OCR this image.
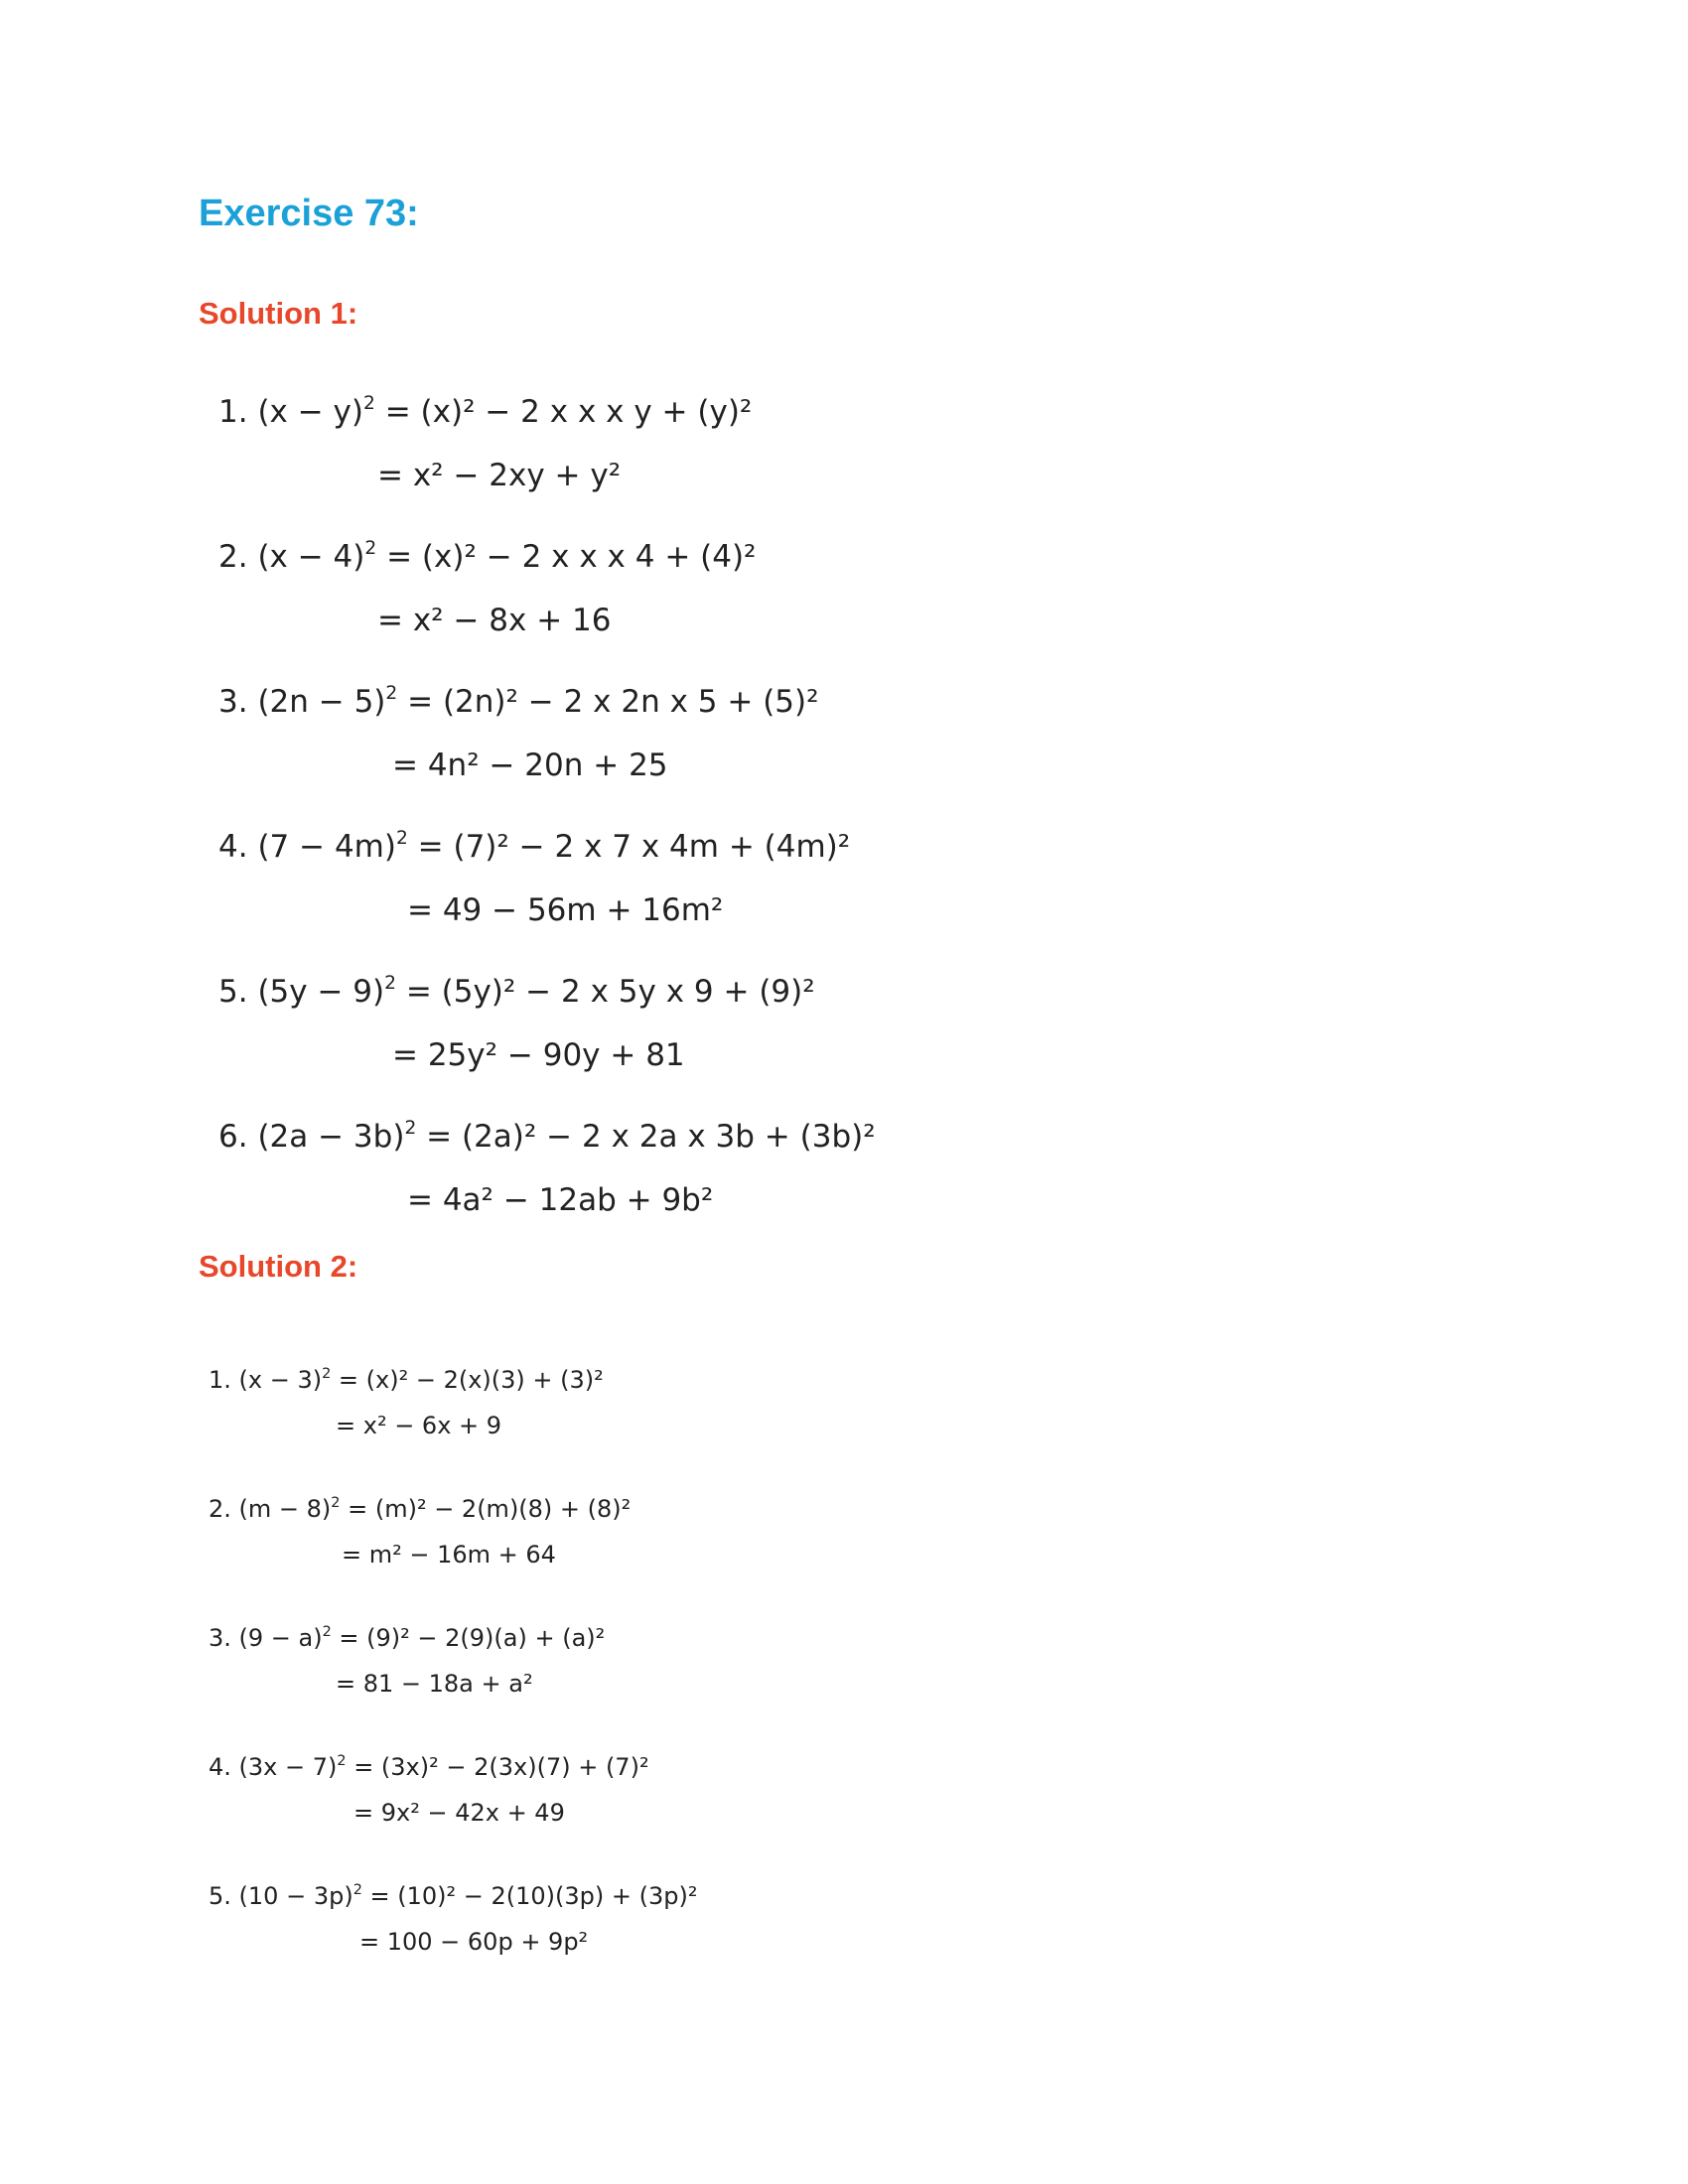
Exercise 73:
Solution 1:
1. $(x - y)^2 = (x)^2 - 2$ x x x y + (y)²
= x² − 2xy + y²
2. $(x - 4)^2 = (x)^2 - 2$ x x x 4 + (4)²
= x² − 8x + 16
3. $(2n - 5)^2 = (2n)^2 - 2$ x 2n x 5 + (5)²
= 4n² − 20n + 25
4. $(7 - 4m)^2 = (7)^2 - 2$ x 7 x 4m + (4m)²
= 49 − 56m + 16m²
5. $(5y - 9)^2 = (5y)^2 - 2$ x 5y x 9 + (9)²
= 25y² − 90y + 81
6. $(2a - 3b)^2 = (2a)^2 - 2$ x 2a x 3b + (3b)²
= 4a² − 12ab + 9b²
Solution 2:
1. $(x - 3)^2 = (x)^2 - 2(x)(3) + (3)^2$
= x² − 6x + 9
2. $(m - 8)^2 = (m)^2 - 2(m)(8) + (8)^2$
= m² − 16m + 64
3. $(9 - a)^2 = (9)^2 - 2(9)(a) + (a)^2$
= 81 − 18a + a²
4. $(3x - 7)^2 = (3x)^2 - 2(3x)(7) + (7)^2$
= 9x² − 42x + 49
5. $(10 - 3p)^2 = (10)^2 - 2(10)(3p) + (3p)^2$
= 100 − 60p + 9p²
